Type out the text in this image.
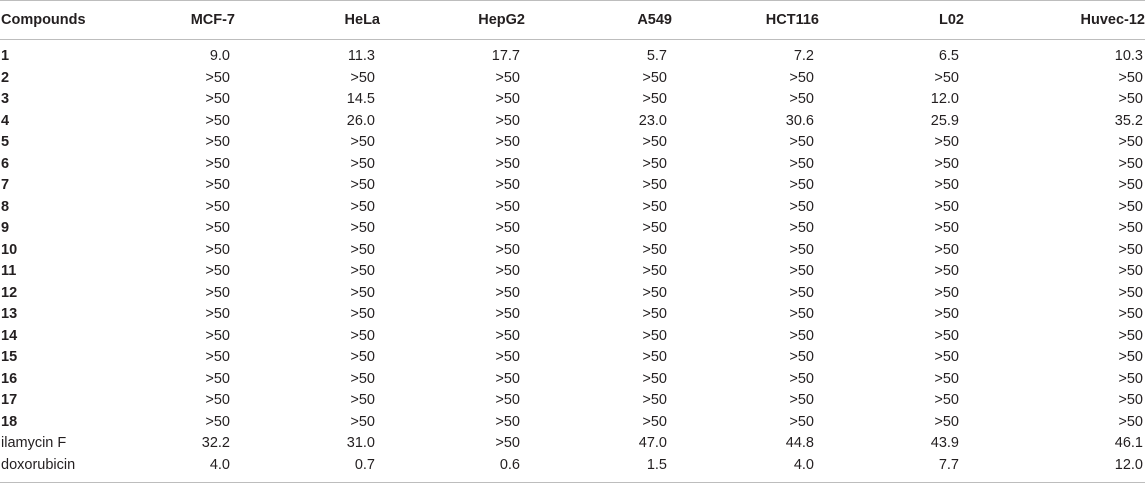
Compounds	MCF-7	HeLa	HepG2	A549	HCT116	L02	Huvec-12
1	9.0	11.3	17.7	5.7	7.2	6.5	10.3
2	>50	>50	>50	>50	>50	>50	>50
3	>50	14.5	>50	>50	>50	12.0	>50
4	>50	26.0	>50	23.0	30.6	25.9	35.2
5	>50	>50	>50	>50	>50	>50	>50
6	>50	>50	>50	>50	>50	>50	>50
7	>50	>50	>50	>50	>50	>50	>50
8	>50	>50	>50	>50	>50	>50	>50
9	>50	>50	>50	>50	>50	>50	>50
10	>50	>50	>50	>50	>50	>50	>50
11	>50	>50	>50	>50	>50	>50	>50
12	>50	>50	>50	>50	>50	>50	>50
13	>50	>50	>50	>50	>50	>50	>50
14	>50	>50	>50	>50	>50	>50	>50
15	>50	>50	>50	>50	>50	>50	>50
16	>50	>50	>50	>50	>50	>50	>50
17	>50	>50	>50	>50	>50	>50	>50
18	>50	>50	>50	>50	>50	>50	>50
ilamycin F	32.2	31.0	>50	47.0	44.8	43.9	46.1
doxorubicin	4.0	0.7	0.6	1.5	4.0	7.7	12.0
